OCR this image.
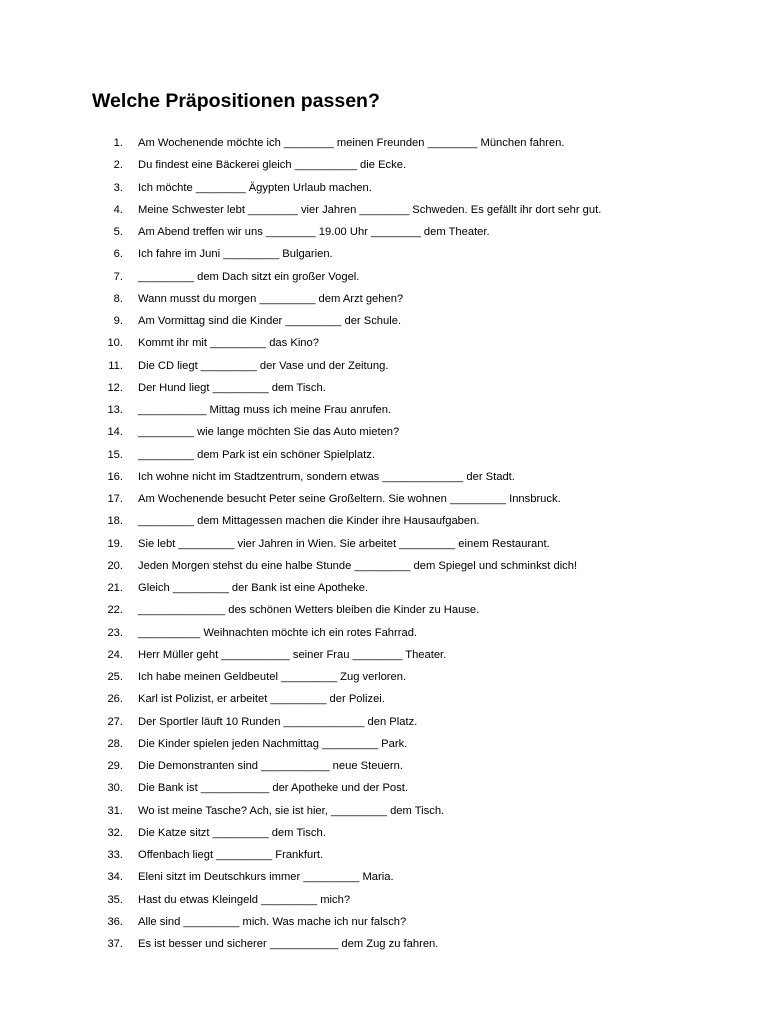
Welche Präpositionen passen?
1. Am Wochenende möchte ich ________ meinen Freunden ________ München fahren.
2. Du findest eine Bäckerei gleich __________ die Ecke.
3. Ich möchte ________ Ägypten Urlaub machen.
4. Meine Schwester lebt ________ vier Jahren ________ Schweden. Es gefällt ihr dort sehr gut.
5. Am Abend treffen wir uns ________ 19.00 Uhr ________ dem Theater.
6. Ich fahre im Juni _________ Bulgarien.
7. _________ dem Dach sitzt ein großer Vogel.
8. Wann musst du morgen _________ dem Arzt gehen?
9. Am Vormittag sind die Kinder _________ der Schule.
10. Kommt ihr mit _________ das Kino?
11. Die CD liegt _________ der Vase und der Zeitung.
12. Der Hund liegt _________ dem Tisch.
13. ___________ Mittag muss ich meine Frau anrufen.
14. _________ wie lange möchten Sie das Auto mieten?
15. _________ dem Park ist ein schöner Spielplatz.
16. Ich wohne nicht im Stadtzentrum, sondern etwas _____________ der Stadt.
17. Am Wochenende besucht Peter seine Großeltern. Sie wohnen _________ Innsbruck.
18. _________ dem Mittagessen machen die Kinder ihre Hausaufgaben.
19. Sie lebt _________ vier Jahren in Wien. Sie arbeitet _________ einem Restaurant.
20. Jeden Morgen stehst du eine halbe Stunde _________ dem Spiegel und schminkst dich!
21. Gleich _________ der Bank ist eine Apotheke.
22. ______________ des schönen Wetters bleiben die Kinder zu Hause.
23. __________ Weihnachten möchte ich ein rotes Fahrrad.
24. Herr Müller geht ___________ seiner Frau ________ Theater.
25. Ich habe meinen Geldbeutel _________ Zug verloren.
26. Karl ist Polizist, er arbeitet _________ der Polizei.
27. Der Sportler läuft 10 Runden _____________ den Platz.
28. Die Kinder spielen jeden Nachmittag _________ Park.
29. Die Demonstranten sind ___________ neue Steuern.
30. Die Bank ist ___________ der Apotheke und der Post.
31. Wo ist meine Tasche? Ach, sie ist hier, _________ dem Tisch.
32. Die Katze sitzt _________ dem Tisch.
33. Offenbach liegt _________ Frankfurt.
34. Eleni sitzt im Deutschkurs immer _________ Maria.
35. Hast du etwas Kleingeld _________ mich?
36. Alle sind _________ mich. Was mache ich nur falsch?
37. Es ist besser und sicherer ___________ dem Zug zu fahren.
